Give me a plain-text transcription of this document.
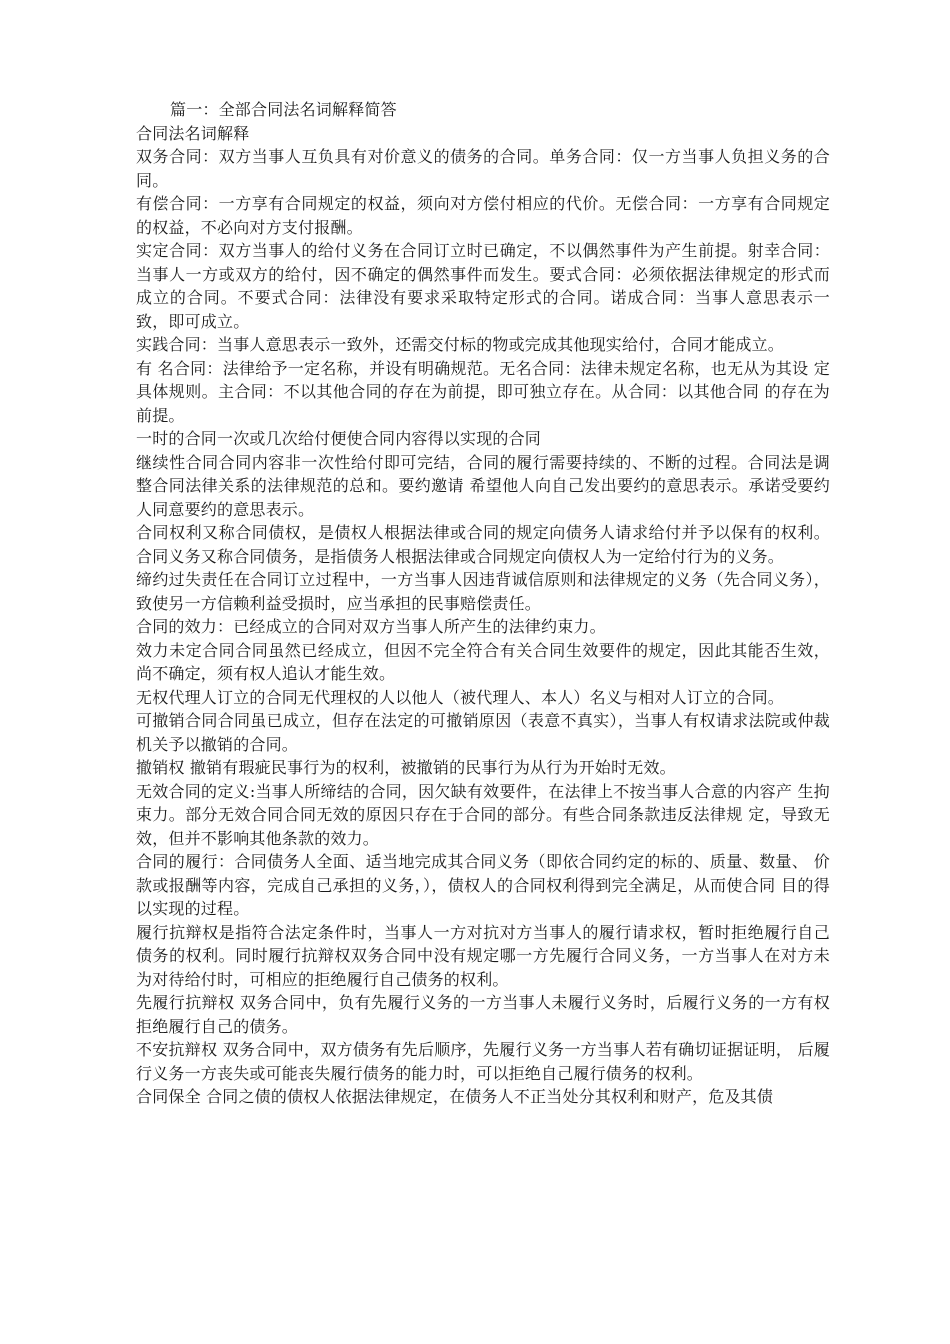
篇一：全部合同法名词解释简答
合同法名词解释

双务合同：双方当事人互负具有对价意义的债务的合同。单务合同：仅一方当事人负担义务的合同。

有偿合同：一方享有合同规定的权益，须向对方偿付相应的代价。无偿合同：一方享有合同规定的权益，不必向对方支付报酬。

实定合同：双方当事人的给付义务在合同订立时已确定，不以偶然事件为产生前提。射幸合同：当事人一方或双方的给付，因不确定的偶然事件而发生。要式合同：必须依据法律规定的形式而成立的合同。不要式合同：法律没有要求采取特定形式的合同。诺成合同：当事人意思表示一致，即可成立。

实践合同：当事人意思表示一致外，还需交付标的物或完成其他现实给付，合同才能成立。

有 名合同：法律给予一定名称，并设有明确规范。无名合同：法律未规定名称，也无从为其设 定具体规则。主合同：不以其他合同的存在为前提，即可独立存在。从合同：以其他合同 的存在为前提。

一时的合同一次或几次给付便使合同内容得以实现的合同

继续性合同合同内容非一次性给付即可完结，合同的履行需要持续的、不断的过程。合同法是调整合同法律关系的法律规范的总和。要约邀请 希望他人向自己发出要约的意思表示。承诺受要约人同意要约的意思表示。

合同权利又称合同债权，是债权人根据法律或合同的规定向债务人请求给付并予以保有的权利。合同义务又称合同债务，是指债务人根据法律或合同规定向债权人为一定给付行为的义务。

缔约过失责任在合同订立过程中，一方当事人因违背诚信原则和法律规定的义务（先合同义务），致使另一方信赖利益受损时，应当承担的民事赔偿责任。

合同的效力：已经成立的合同对双方当事人所产生的法律约束力。

效力未定合同合同虽然已经成立，但因不完全符合有关合同生效要件的规定，因此其能否生效，尚不确定，须有权人追认才能生效。

无权代理人订立的合同无代理权的人以他人（被代理人、本人）名义与相对人订立的合同。

可撤销合同合同虽已成立，但存在法定的可撤销原因（表意不真实），当事人有权请求法院或仲裁机关予以撤销的合同。

撤销权 撤销有瑕疵民事行为的权利，被撤销的民事行为从行为开始时无效。

无效合同的定义:当事人所缔结的合同，因欠缺有效要件，在法律上不按当事人合意的内容产 生拘束力。部分无效合同合同无效的原因只存在于合同的部分。有些合同条款违反法律规 定，导致无效，但并不影响其他条款的效力。

合同的履行：合同债务人全面、适当地完成其合同义务（即依合同约定的标的、质量、数量、 价款或报酬等内容，完成自己承担的义务，），债权人的合同权利得到完全满足，从而使合同 目的得以实现的过程。

履行抗辩权是指符合法定条件时，当事人一方对抗对方当事人的履行请求权，暂时拒绝履行自己债务的权利。同时履行抗辩权双务合同中没有规定哪一方先履行合同义务，一方当事人在对方未为对待给付时，可相应的拒绝履行自己债务的权利。

先履行抗辩权 双务合同中，负有先履行义务的一方当事人未履行义务时，后履行义务的一方有权拒绝履行自己的债务。

不安抗辩权 双务合同中，双方债务有先后顺序，先履行义务一方当事人若有确切证据证明， 后履行义务一方丧失或可能丧失履行债务的能力时，可以拒绝自己履行债务的权利。

合同保全 合同之债的债权人依据法律规定，在债务人不正当处分其权利和财产，危及其债
